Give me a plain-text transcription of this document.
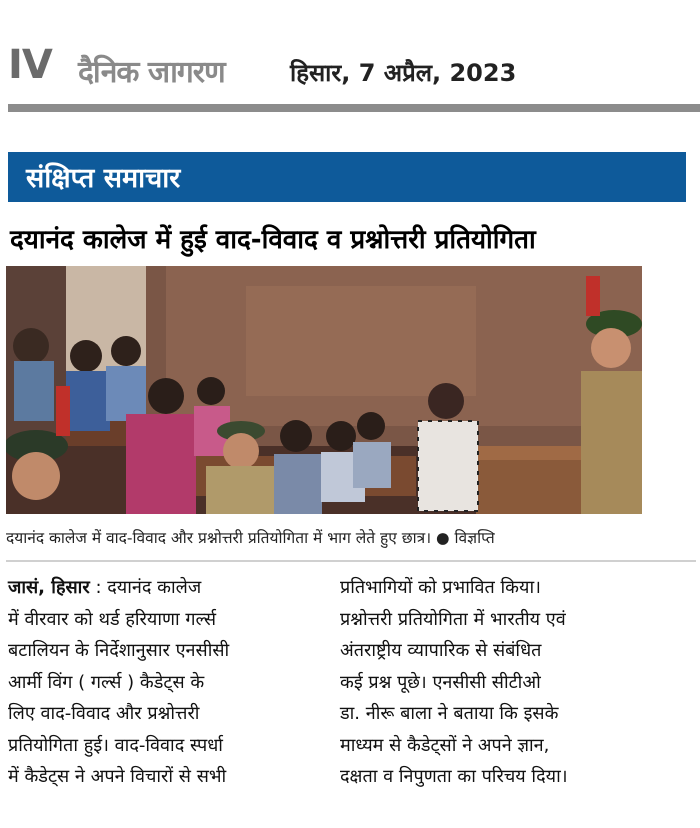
IV दैनिक जागरण	हिसार, 7 अप्रैल, 2023
संक्षिप्त समाचार
दयानंद कालेज में हुई वाद-विवाद व प्रश्नोत्तरी प्रतियोगिता
दयानंद कालेज में वाद-विवाद और प्रश्नोत्तरी प्रतियोगिता में भाग लेते हुए छात्र। ● विज्ञप्ति
जासं, हिसार : दयानंद कालेज
में वीरवार को थर्ड हरियाणा गर्ल्स
बटालियन के निर्देशानुसार एनसीसी
आर्मी विंग ( गर्ल्स ) कैडेट्स के
लिए वाद-विवाद और प्रश्नोत्तरी
प्रतियोगिता हुई। वाद-विवाद स्पर्धा
में कैडेट्स ने अपने विचारों से सभी
प्रतिभागियों को प्रभावित किया।
प्रश्नोत्तरी प्रतियोगिता में भारतीय एवं
अंतराष्ट्रीय व्यापारिक से संबंधित
कई प्रश्न पूछे। एनसीसी सीटीओ
डा. नीरू बाला ने बताया कि इसके
माध्यम से कैडेट्सों ने अपने ज्ञान,
दक्षता व निपुणता का परिचय दिया।
